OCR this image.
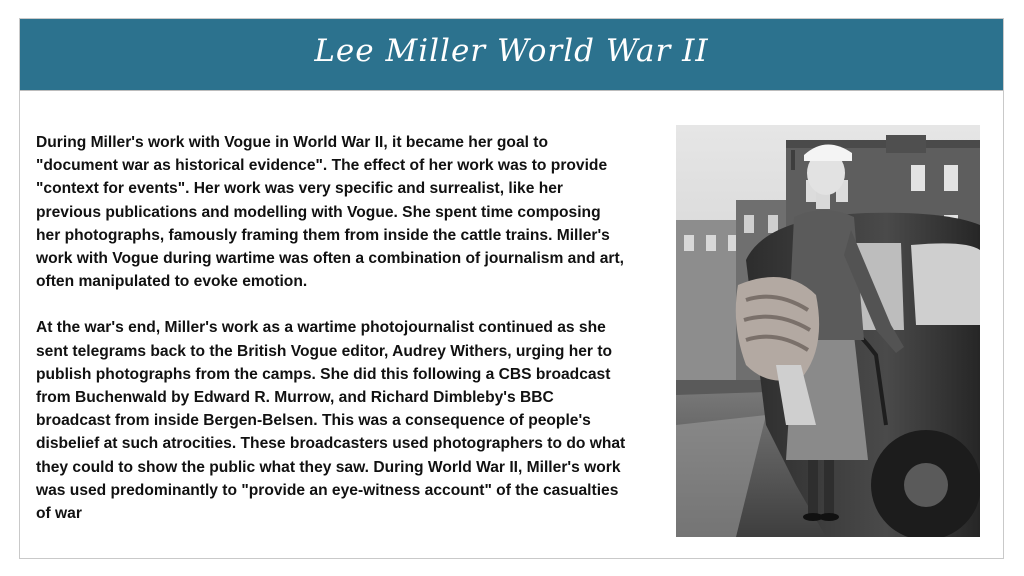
Lee Miller World War II

During Miller's work with Vogue in World War II, it became her goal to "document war as historical evidence". The effect of her work was to provide "context for events". Her work was very specific and surrealist, like her previous publications and modelling with Vogue. She spent time composing her photographs, famously framing them from inside the cattle trains. Miller's work with Vogue during wartime was often a combination of journalism and art, often manipulated to evoke emotion.

At the war's end, Miller's work as a wartime photojournalist continued as she sent telegrams back to the British Vogue editor, Audrey Withers, urging her to publish photographs from the camps. She did this following a CBS broadcast from Buchenwald by Edward R. Murrow, and Richard Dimbleby's BBC broadcast from inside Bergen-Belsen. This was a consequence of people's disbelief at such atrocities. These broadcasters used photographers to do what they could to show the public what they saw. During World War II, Miller's work was used predominantly to "provide an eye-witness account" of the casualties of war
